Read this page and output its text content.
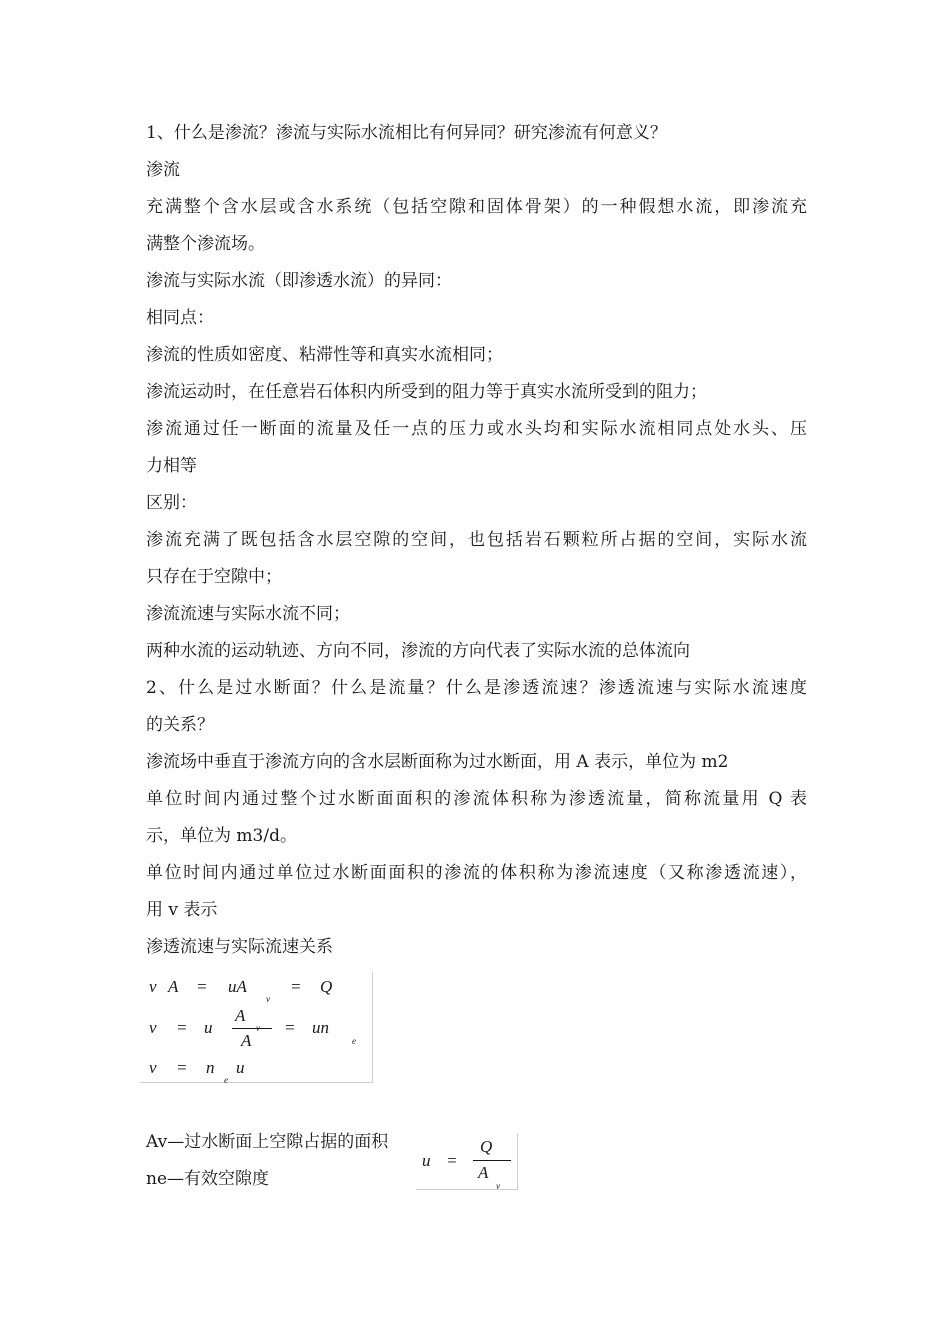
1、什么是渗流？渗流与实际水流相比有何异同？研究渗流有何意义？
渗流
充满整个含水层或含水系统（包括空隙和固体骨架）的一种假想水流，即渗流充
满整个渗流场。
渗流与实际水流（即渗透水流）的异同：
相同点：
渗流的性质如密度、粘滞性等和真实水流相同；
渗流运动时，在任意岩石体积内所受到的阻力等于真实水流所受到的阻力；
渗流通过任一断面的流量及任一点的压力或水头均和实际水流相同点处水头、压
力相等
区别：
渗流充满了既包括含水层空隙的空间，也包括岩石颗粒所占据的空间，实际水流
只存在于空隙中；
渗流流速与实际水流不同；
两种水流的运动轨迹、方向不同，渗流的方向代表了实际水流的总体流向
2、什么是过水断面？什么是流量？什么是渗透流速？渗透流速与实际水流速度
的关系？
渗流场中垂直于渗流方向的含水层断面称为过水断面，用 A 表示，单位为 m2
单位时间内通过整个过水断面面积的渗流体积称为渗透流量，简称流量用 Q 表
示，单位为 m3/d。
单位时间内通过单位过水断面面积的渗流的体积称为渗流速度（又称渗透流速），
用 v 表示
渗透流速与实际流速关系
v A = uA
v
= Q
v = u
A
A
= un
e
v = n
e
u
Av—过水断面上空隙占据的面积
ne—有效空隙度
u =
Q
A
v
